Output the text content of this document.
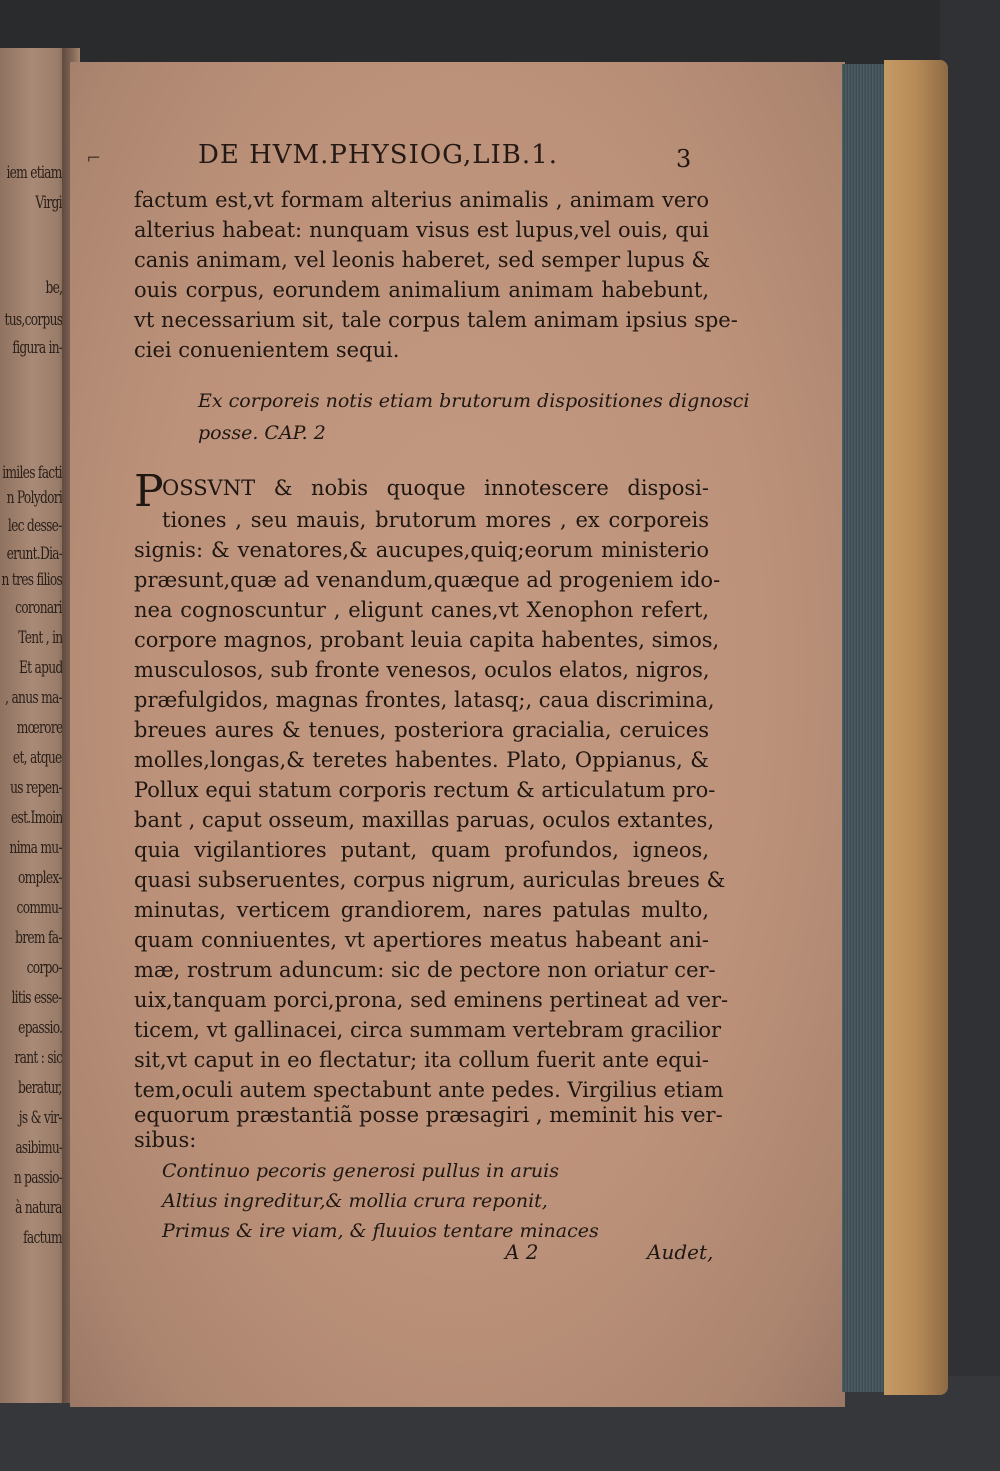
iem etiam
Virgi
be,
tus,corpus
figura in-
imiles facti
n Polydori
lec desse-
erunt.Dia-
n tres filios
coronari
Tent , in
Et apud
, anus ma-
mœrore
et, atque
us repen-
est.Imoin
nima mu-
omplex-
commu-
brem fa-
corpo-
litis esse-
epassio.
rant : sic
beratur,
js & vir-
asibimu-
n passio-
à natura
factum
⌐	DE HVM.PHYSIOG,LIB.1.	3
factum est,vt formam alterius animalis , animam vero
alterius habeat: nunquam visus est lupus,vel ouis, qui
canis animam, vel leonis haberet, sed semper lupus &
ouis corpus, eorundem animalium animam habebunt,
vt necessarium sit, tale corpus talem animam ipsius spe-
ciei conuenientem sequi.
Ex corporeis notis etiam brutorum dispositiones dignosci
posse. CAP. 2
P
OSSVNT & nobis quoque innotescere disposi-
tiones , seu mauis, brutorum mores , ex corporeis
signis: & venatores,& aucupes,quiq;eorum ministerio
præsunt,quæ ad venandum,quæque ad progeniem ido-
nea cognoscuntur , eligunt canes,vt Xenophon refert,
corpore magnos, probant leuia capita habentes, simos,
musculosos, sub fronte venesos, oculos elatos, nigros,
præfulgidos, magnas frontes, latasq;, caua discrimina,
breues aures & tenues, posteriora gracialia, ceruices
molles,longas,& teretes habentes. Plato, Oppianus, &
Pollux equi statum corporis rectum & articulatum pro-
bant , caput osseum, maxillas paruas, oculos extantes,
quia vigilantiores putant, quam profundos, igneos,
quasi subseruentes, corpus nigrum, auriculas breues &
minutas, verticem grandiorem, nares patulas multo,
quam conniuentes, vt apertiores meatus habeant ani-
mæ, rostrum aduncum: sic de pectore non oriatur cer-
uix,tanquam porci,prona, sed eminens pertineat ad ver-
ticem, vt gallinacei, circa summam vertebram gracilior
sit,vt caput in eo flectatur; ita collum fuerit ante equi-
tem,oculi autem spectabunt ante pedes. Virgilius etiam
equorum præstantiã posse præsagiri , meminit his ver-
sibus:
Continuo pecoris generosi pullus in aruis
Altius ingreditur,& mollia crura reponit,
Primus & ire viam, & fluuios tentare minaces
A 2	Audet,
